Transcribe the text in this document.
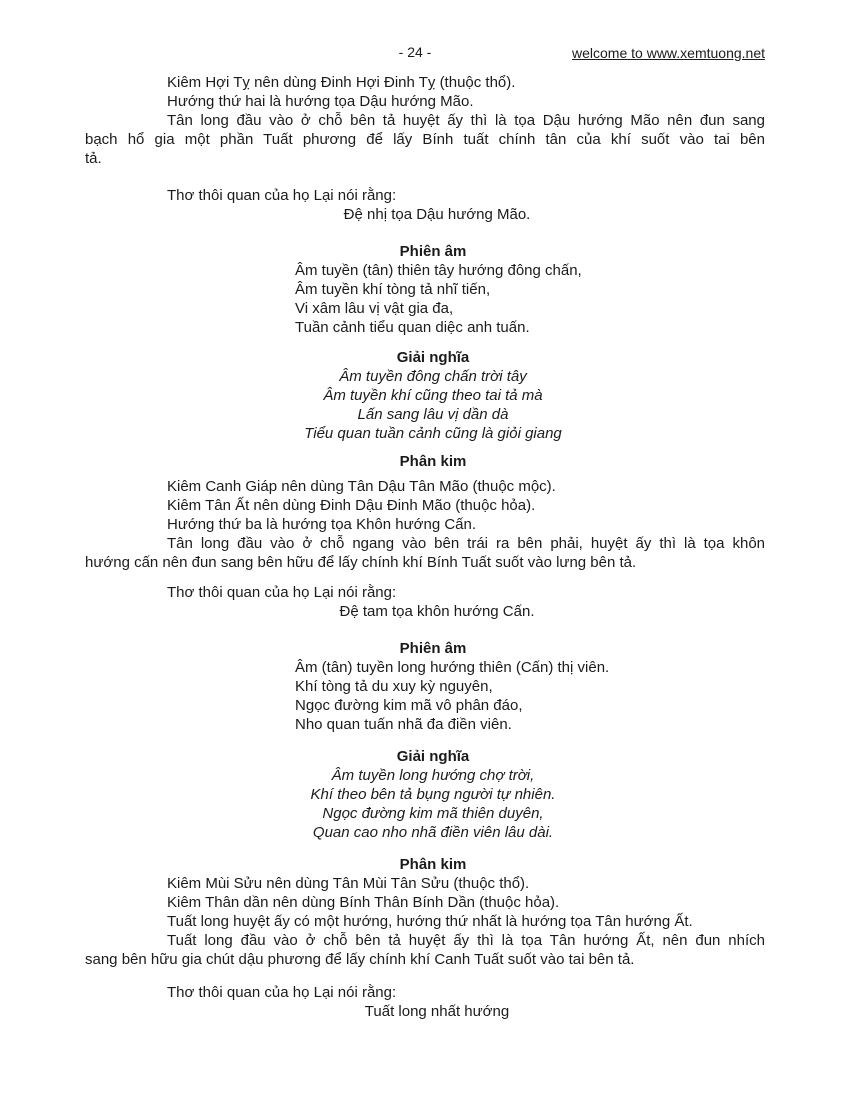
- 24 -	welcome to www.xemtuong.net
Kiêm Hợi Tỵ nên dùng Đinh Hợi Đinh Tỵ (thuộc thổ).
Hướng thứ hai là hướng tọa Dậu hướng Mão.
Tân long đầu vào ở chỗ bên tả huyệt ấy thì là tọa Dậu hướng Mão nên đun sang
bạch hổ gia một phần Tuất phương để lấy Bính tuất chính tân của khí suốt vào tai bên
tả.
Thơ thôi quan của họ Lại nói rằng:
Đệ nhị tọa Dậu hướng Mão.
Phiên âm
Âm tuyền (tân) thiên tây hướng đông chấn,
Âm tuyền khí tòng tả nhĩ tiến,
Vi xâm lâu vị vật gia đa,
Tuần cảnh tiểu quan diệc anh tuấn.
Giải nghĩa
Âm tuyền đông chấn trời tây
Âm tuyền khí cũng theo tai tả mà
Lấn sang lâu vị dần dà
Tiểu quan tuần cảnh cũng là giỏi giang
Phân kim
Kiêm Canh Giáp nên dùng Tân Dậu Tân Mão (thuộc mộc).
Kiêm Tân Ất nên dùng Đinh Dậu Đinh Mão (thuộc hỏa).
Hướng thứ ba là hướng tọa Khôn hướng Cấn.
Tân long đầu vào ở chỗ ngang vào bên trái ra bên phải, huyệt ấy thì là tọa khôn
hướng cấn nên đun sang bên hữu để lấy chính khí Bính Tuất suốt vào lưng bên tả.
Thơ thôi quan của họ Lại nói rằng:
Đệ tam tọa khôn hướng Cấn.
Phiên âm
Âm (tân) tuyền long hướng thiên (Cấn) thị viên.
Khí tòng tả du xuy kỳ nguyên,
Ngọc đường kim mã vô phân đáo,
Nho quan tuấn nhã đa điền viên.
Giải nghĩa
Âm tuyền long hướng chợ trời,
Khí theo bên tả bụng người tự nhiên.
Ngọc đường kim mã thiên duyên,
Quan cao nho nhã điền viên lâu dài.
Phân kim
Kiêm Mùi Sửu nên dùng Tân Mùi Tân Sửu (thuộc thổ).
Kiêm Thân dần nên dùng Bính Thân Bính Dần (thuộc hỏa).
Tuất long huyệt ấy có một hướng, hướng thứ nhất là hướng tọa Tân hướng Ất.
Tuất long đầu vào ở chỗ bên tả huyệt ấy thì là tọa Tân hướng Ất, nên đun nhích
sang bên hữu gia chút dậu phương để lấy chính khí Canh Tuất suốt vào tai bên tả.
Thơ thôi quan của họ Lại nói rằng:
Tuất long nhất hướng
